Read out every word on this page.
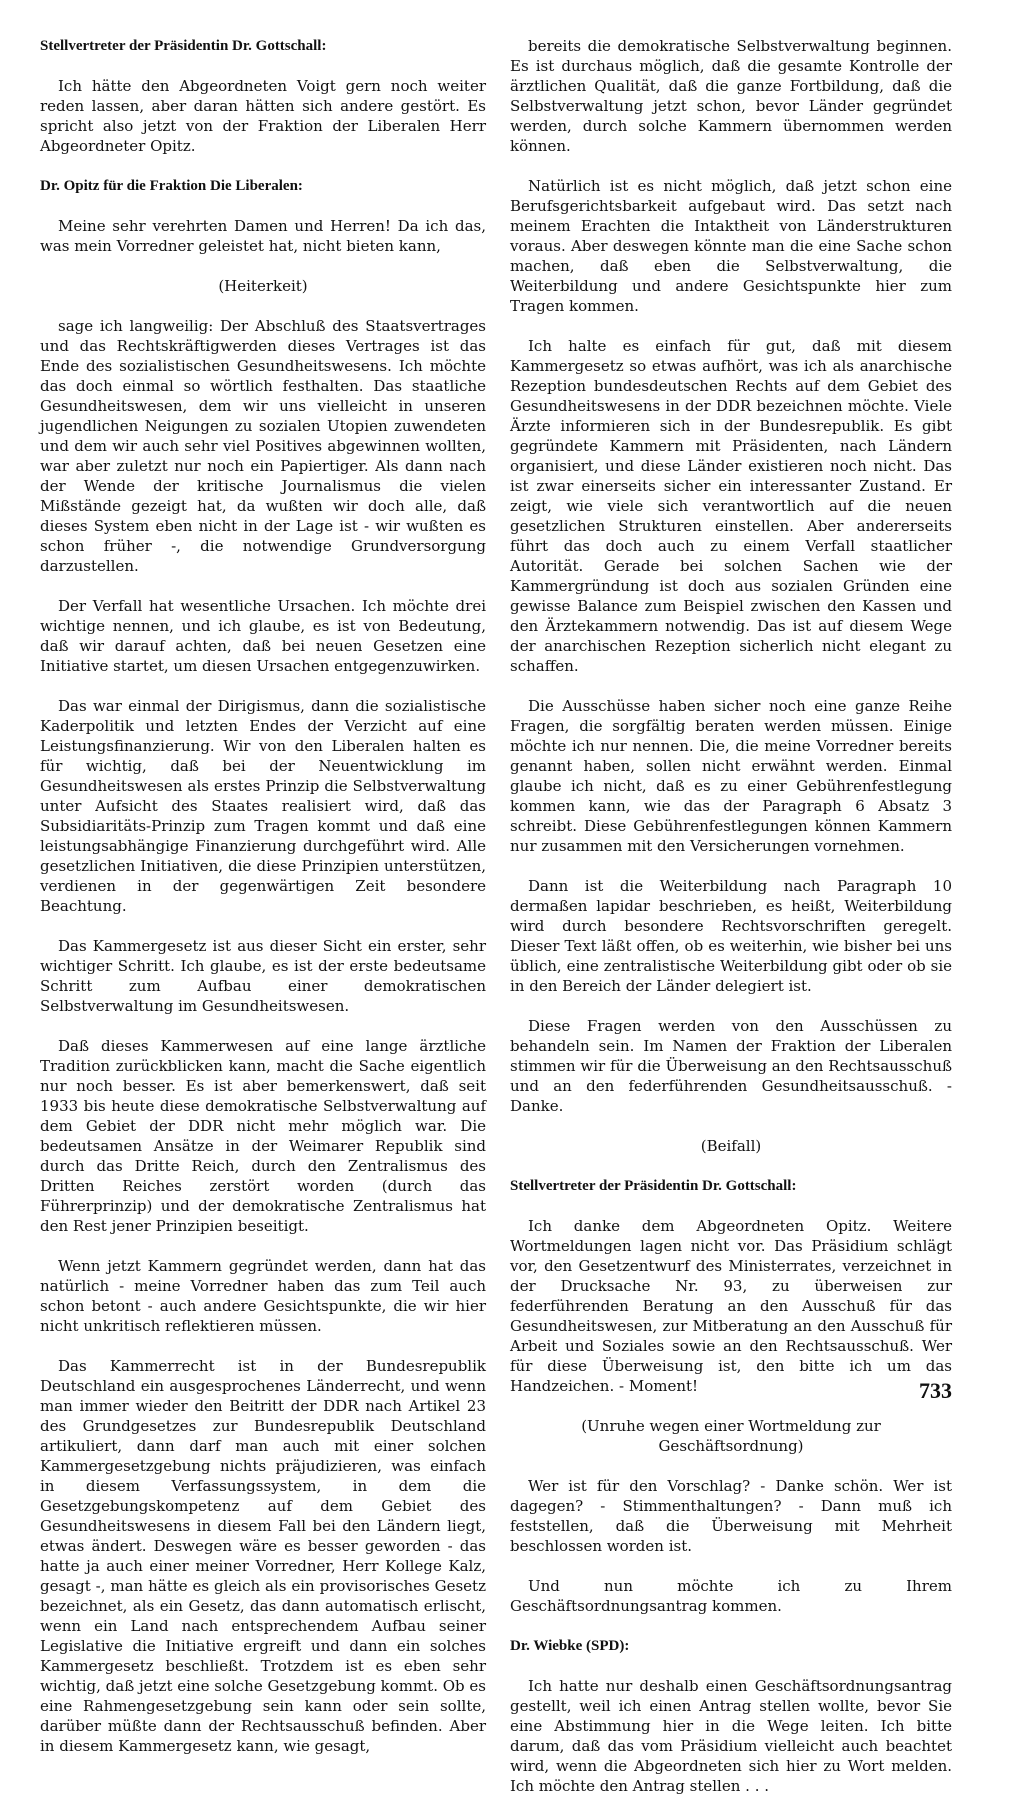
Stellvertreter der Präsidentin Dr. Gottschall:

Ich hätte den Abgeordneten Voigt gern noch weiter reden lassen, aber daran hätten sich andere gestört. Es spricht also jetzt von der Fraktion der Liberalen Herr Abgeordneter Opitz.

Dr. Opitz für die Fraktion Die Liberalen:

Meine sehr verehrten Damen und Herren! Da ich das, was mein Vorredner geleistet hat, nicht bieten kann,

(Heiterkeit)

sage ich langweilig: Der Abschluß des Staatsvertrages und das Rechtskräftigwerden dieses Vertrages ist das Ende des sozialistischen Gesundheitswesens. Ich möchte das doch einmal so wörtlich festhalten. Das staatliche Gesundheitswesen, dem wir uns vielleicht in unseren jugendlichen Neigungen zu sozialen Utopien zuwendeten und dem wir auch sehr viel Positives abgewinnen wollten, war aber zuletzt nur noch ein Papiertiger. Als dann nach der Wende der kritische Journalismus die vielen Mißstände gezeigt hat, da wußten wir doch alle, daß dieses System eben nicht in der Lage ist - wir wußten es schon früher -, die notwendige Grundversorgung darzustellen.

Der Verfall hat wesentliche Ursachen. Ich möchte drei wichtige nennen, und ich glaube, es ist von Bedeutung, daß wir darauf achten, daß bei neuen Gesetzen eine Initiative startet, um diesen Ursachen entgegenzuwirken.

Das war einmal der Dirigismus, dann die sozialistische Kaderpolitik und letzten Endes der Verzicht auf eine Leistungsfinanzierung. Wir von den Liberalen halten es für wichtig, daß bei der Neuentwicklung im Gesundheitswesen als erstes Prinzip die Selbstverwaltung unter Aufsicht des Staates realisiert wird, daß das Subsidiaritäts-Prinzip zum Tragen kommt und daß eine leistungsabhängige Finanzierung durchgeführt wird. Alle gesetzlichen Initiativen, die diese Prinzipien unterstützen, verdienen in der gegenwärtigen Zeit besondere Beachtung.

Das Kammergesetz ist aus dieser Sicht ein erster, sehr wichtiger Schritt. Ich glaube, es ist der erste bedeutsame Schritt zum Aufbau einer demokratischen Selbstverwaltung im Gesundheitswesen.

Daß dieses Kammerwesen auf eine lange ärztliche Tradition zurückblicken kann, macht die Sache eigentlich nur noch besser. Es ist aber bemerkenswert, daß seit 1933 bis heute diese demokratische Selbstverwaltung auf dem Gebiet der DDR nicht mehr möglich war. Die bedeutsamen Ansätze in der Weimarer Republik sind durch das Dritte Reich, durch den Zentralismus des Dritten Reiches zerstört worden (durch das Führerprinzip) und der demokratische Zentralismus hat den Rest jener Prinzipien beseitigt.

Wenn jetzt Kammern gegründet werden, dann hat das natürlich - meine Vorredner haben das zum Teil auch schon betont - auch andere Gesichtspunkte, die wir hier nicht unkritisch reflektieren müssen.

Das Kammerrecht ist in der Bundesrepublik Deutschland ein ausgesprochenes Länderrecht, und wenn man immer wieder den Beitritt der DDR nach Artikel 23 des Grundgesetzes zur Bundesrepublik Deutschland artikuliert, dann darf man auch mit einer solchen Kammergesetzgebung nichts präjudizieren, was einfach in diesem Verfassungssystem, in dem die Gesetzgebungskompetenz auf dem Gebiet des Gesundheitswesens in diesem Fall bei den Ländern liegt, etwas ändert. Deswegen wäre es besser geworden - das hatte ja auch einer meiner Vorredner, Herr Kollege Kalz, gesagt -, man hätte es gleich als ein provisorisches Gesetz bezeichnet, als ein Gesetz, das dann automatisch erlischt, wenn ein Land nach entsprechendem Aufbau seiner Legislative die Initiative ergreift und dann ein solches Kammergesetz beschließt. Trotzdem ist es eben sehr wichtig, daß jetzt eine solche Gesetzgebung kommt. Ob es eine Rahmengesetzgebung sein kann oder sein sollte, darüber müßte dann der Rechtsausschuß befinden. Aber in diesem Kammergesetz kann, wie gesagt,

bereits die demokratische Selbstverwaltung beginnen. Es ist durchaus möglich, daß die gesamte Kontrolle der ärztlichen Qualität, daß die ganze Fortbildung, daß die Selbstverwaltung jetzt schon, bevor Länder gegründet werden, durch solche Kammern übernommen werden können.

Natürlich ist es nicht möglich, daß jetzt schon eine Berufsgerichtsbarkeit aufgebaut wird. Das setzt nach meinem Erachten die Intaktheit von Länderstrukturen voraus. Aber deswegen könnte man die eine Sache schon machen, daß eben die Selbstverwaltung, die Weiterbildung und andere Gesichtspunkte hier zum Tragen kommen.

Ich halte es einfach für gut, daß mit diesem Kammergesetz so etwas aufhört, was ich als anarchische Rezeption bundesdeutschen Rechts auf dem Gebiet des Gesundheitswesens in der DDR bezeichnen möchte. Viele Ärzte informieren sich in der Bundesrepublik. Es gibt gegründete Kammern mit Präsidenten, nach Ländern organisiert, und diese Länder existieren noch nicht. Das ist zwar einerseits sicher ein interessanter Zustand. Er zeigt, wie viele sich verantwortlich auf die neuen gesetzlichen Strukturen einstellen. Aber andererseits führt das doch auch zu einem Verfall staatlicher Autorität. Gerade bei solchen Sachen wie der Kammergründung ist doch aus sozialen Gründen eine gewisse Balance zum Beispiel zwischen den Kassen und den Ärztekammern notwendig. Das ist auf diesem Wege der anarchischen Rezeption sicherlich nicht elegant zu schaffen.

Die Ausschüsse haben sicher noch eine ganze Reihe Fragen, die sorgfältig beraten werden müssen. Einige möchte ich nur nennen. Die, die meine Vorredner bereits genannt haben, sollen nicht erwähnt werden. Einmal glaube ich nicht, daß es zu einer Gebührenfestlegung kommen kann, wie das der Paragraph 6 Absatz 3 schreibt. Diese Gebührenfestlegungen können Kammern nur zusammen mit den Versicherungen vornehmen.

Dann ist die Weiterbildung nach Paragraph 10 dermaßen lapidar beschrieben, es heißt, Weiterbildung wird durch besondere Rechtsvorschriften geregelt. Dieser Text läßt offen, ob es weiterhin, wie bisher bei uns üblich, eine zentralistische Weiterbildung gibt oder ob sie in den Bereich der Länder delegiert ist.

Diese Fragen werden von den Ausschüssen zu behandeln sein. Im Namen der Fraktion der Liberalen stimmen wir für die Überweisung an den Rechtsausschuß und an den federführenden Gesundheitsausschuß. - Danke.

(Beifall)

Stellvertreter der Präsidentin Dr. Gottschall:

Ich danke dem Abgeordneten Opitz. Weitere Wortmeldungen lagen nicht vor. Das Präsidium schlägt vor, den Gesetzentwurf des Ministerrates, verzeichnet in der Drucksache Nr. 93, zu überweisen zur federführenden Beratung an den Ausschuß für das Gesundheitswesen, zur Mitberatung an den Ausschuß für Arbeit und Soziales sowie an den Rechtsausschuß. Wer für diese Überweisung ist, den bitte ich um das Handzeichen. - Moment!

(Unruhe wegen einer Wortmeldung zur Geschäftsordnung)

Wer ist für den Vorschlag? - Danke schön. Wer ist dagegen? - Stimmenthaltungen? - Dann muß ich feststellen, daß die Überweisung mit Mehrheit beschlossen worden ist.

Und nun möchte ich zu Ihrem Geschäftsordnungsantrag kommen.

Dr. Wiebke (SPD):

Ich hatte nur deshalb einen Geschäftsordnungsantrag gestellt, weil ich einen Antrag stellen wollte, bevor Sie eine Abstimmung hier in die Wege leiten. Ich bitte darum, daß das vom Präsidium vielleicht auch beachtet wird, wenn die Abgeordneten sich hier zu Wort melden. Ich möchte den Antrag stellen . . .

733
